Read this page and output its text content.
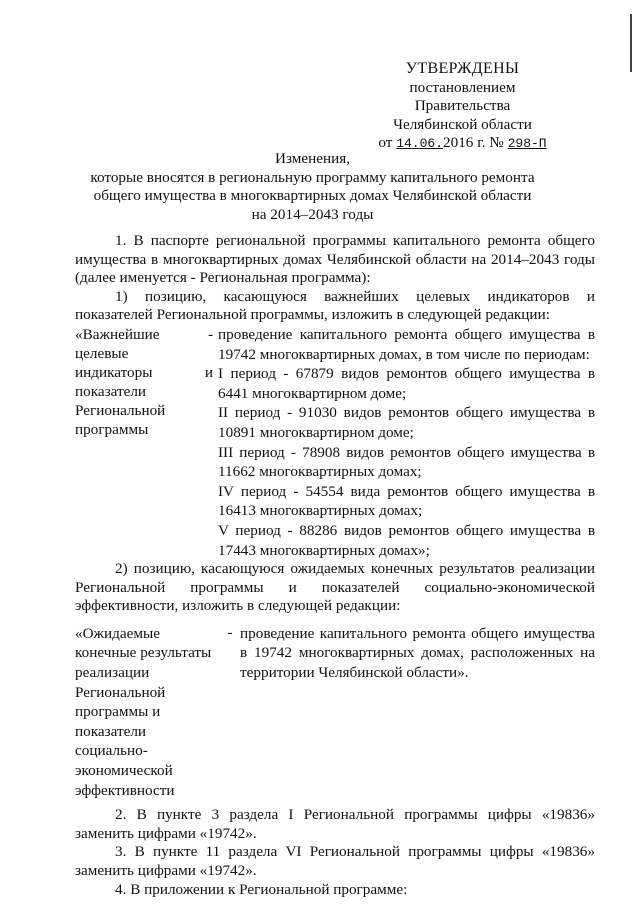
УТВЕРЖДЕНЫ
постановлением Правительства
Челябинской области
от 14.06.2016 г. № 298-П
Изменения,
которые вносятся в региональную программу капитального ремонта
общего имущества в многоквартирных домах Челябинской области
на 2014–2043 годы

1. В паспорте региональной программы капитального ремонта общего имущества в многоквартирных домах Челябинской области на 2014–2043 годы (далее именуется - Региональная программа):

1) позицию, касающуюся важнейших целевых индикаторов и показателей Региональной программы, изложить в следующей редакции:

«Важнейшие	-
целевые
индикаторы	и
показатели
Региональной
программы
проведение капитального ремонта общего имущества в 19742 многоквартирных домах, в том числе по периодам:
I период - 67879 видов ремонтов общего имущества в 6441 многоквартирном доме;
II период - 91030 видов ремонтов общего имущества в 10891 многоквартирном доме;
III период - 78908 видов ремонтов общего имущества в 11662 многоквартирных домах;
IV период - 54554 вида ремонтов общего имущества в 16413 многоквартирных домах;
V период - 88286 видов ремонтов общего имущества в 17443 многоквартирных домах»;

2) позицию, касающуюся ожидаемых конечных результатов реализации Региональной программы и показателей социально-экономической эффективности, изложить в следующей редакции:

«Ожидаемые
конечные результаты
реализации
Региональной
программы и
показатели
социально-
экономической
эффективности
- проведение капитального ремонта общего имущества в 19742 многоквартирных домах, расположенных на территории Челябинской области».

2. В пункте 3 раздела I Региональной программы цифры «19836» заменить цифрами «19742».

3. В пункте 11 раздела VI Региональной программы цифры «19836» заменить цифрами «19742».

4. В приложении к Региональной программе:
